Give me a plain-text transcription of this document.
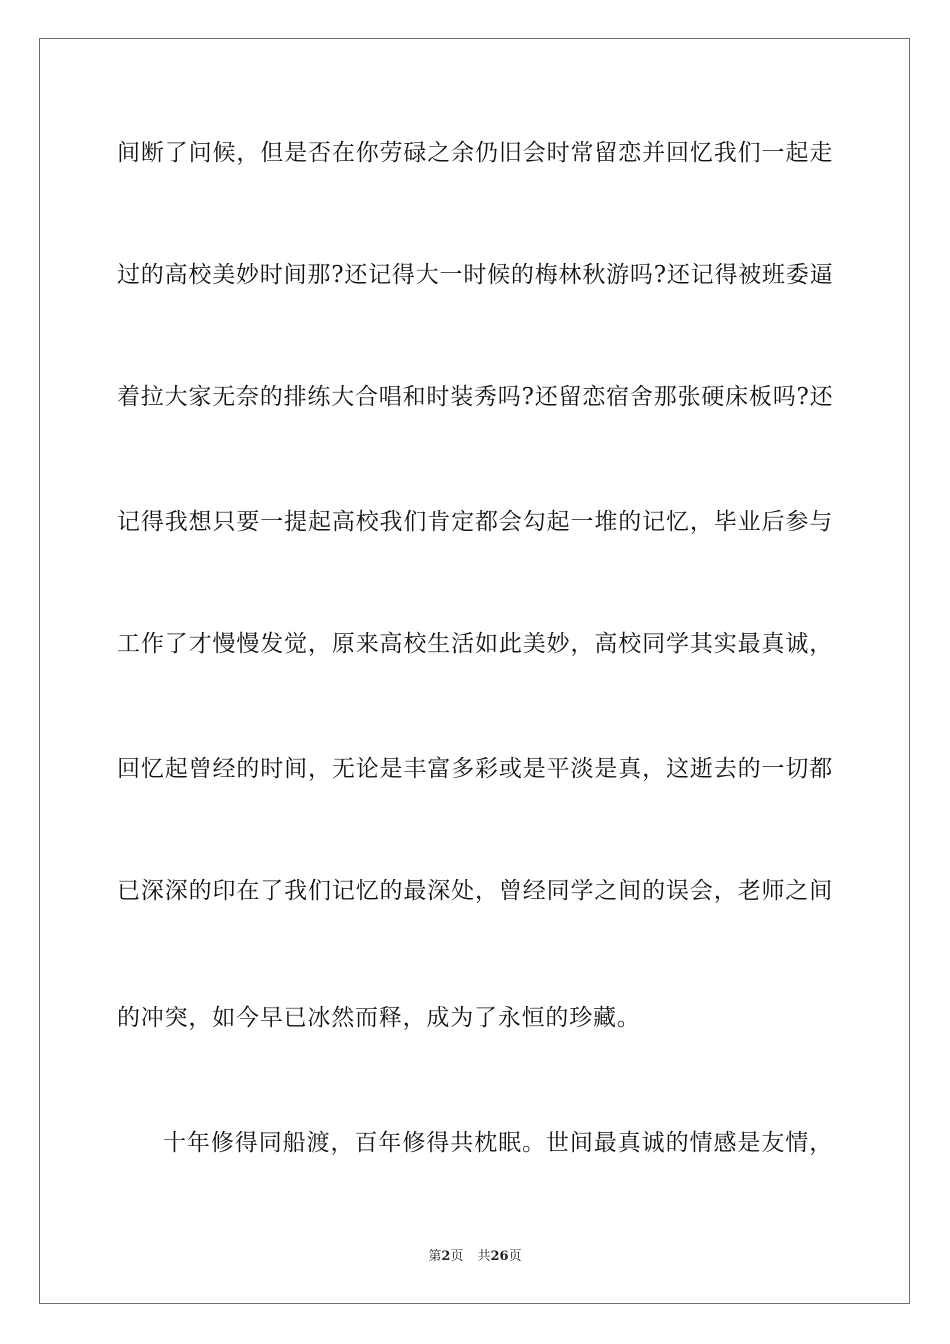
间断了问候，但是否在你劳碌之余仍旧会时常留恋并回忆我们一起走
过的高校美妙时间那?还记得大一时候的梅林秋游吗?还记得被班委逼
着拉大家无奈的排练大合唱和时装秀吗?还留恋宿舍那张硬床板吗?还
记得我想只要一提起高校我们肯定都会勾起一堆的记忆，毕业后参与
工作了才慢慢发觉，原来高校生活如此美妙，高校同学其实最真诚，
回忆起曾经的时间，无论是丰富多彩或是平淡是真，这逝去的一切都
已深深的印在了我们记忆的最深处，曾经同学之间的误会，老师之间
的冲突，如今早已冰然而释，成为了永恒的珍藏。
十年修得同船渡，百年修得共枕眠。世间最真诚的情感是友情，
第2页 共26页
